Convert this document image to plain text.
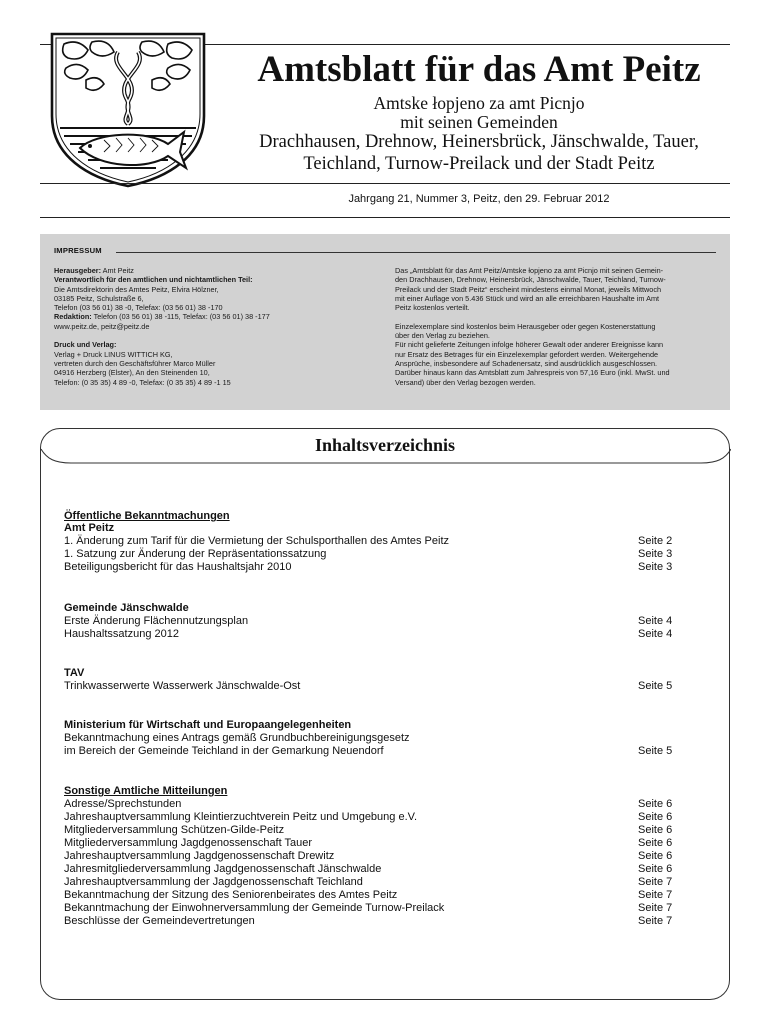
Amtsblatt für das Amt Peitz
Amtske łopjeno za amt Picnjo
mit seinen Gemeinden
Drachhausen, Drehnow, Heinersbrück, Jänschwalde, Tauer,
Teichland, Turnow-Preilack und der Stadt Peitz
Jahrgang 21, Nummer 3, Peitz, den 29. Februar 2012
IMPRESSUM

Herausgeber: Amt Peitz

Verantwortlich für den amtlichen und nichtamtlichen Teil:

Die Amtsdirektorin des Amtes Peitz, Elvira Hölzner,

03185 Peitz, Schulstraße 6,

Telefon (03 56 01) 38 -0, Telefax: (03 56 01) 38 -170

Redaktion: Telefon (03 56 01) 38 -115, Telefax: (03 56 01) 38 -177

www.peitz.de, peitz@peitz.de

Druck und Verlag:

Verlag + Druck LINUS WITTICH KG,

vertreten durch den Geschäftsführer Marco Müller

04916 Herzberg (Elster), An den Steinenden 10,

Telefon: (0 35 35) 4 89 -0, Telefax: (0 35 35) 4 89 -1 15

Das „Amtsblatt für das Amt Peitz/Amtske łopjeno za amt Picnjo mit seinen Gemein-

den Drachhausen, Drehnow, Heinersbrück, Jänschwalde, Tauer, Teichland, Turnow-

Preilack und der Stadt Peitz“ erscheint mindestens einmal Monat, jeweils Mittwoch

mit einer Auflage von 5.436 Stück und wird an alle erreichbaren Haushalte im Amt

Peitz kostenlos verteilt.

Einzelexemplare sind kostenlos beim Herausgeber oder gegen Kostenerstattung

über den Verlag zu beziehen.

Für nicht gelieferte Zeitungen infolge höherer Gewalt oder anderer Ereignisse kann

nur Ersatz des Betrages für ein Einzelexemplar gefordert werden. Weitergehende

Ansprüche, insbesondere auf Schadenersatz, sind ausdrücklich ausgeschlossen.

Darüber hinaus kann das Amtsblatt zum Jahrespreis von 57,16 Euro (inkl. MwSt. und

Versand) über den Verlag bezogen werden.

Inhaltsverzeichnis
Öffentliche Bekanntmachungen
Amt Peitz
1. Änderung zum Tarif für die Vermietung der Schulsporthallen des Amtes Peitz	Seite 2
1. Satzung zur Änderung der Repräsentationssatzung	Seite 3
Beteiligungsbericht für das Haushaltsjahr 2010	Seite 3
Gemeinde Jänschwalde
Erste Änderung Flächennutzungsplan	Seite 4
Haushaltssatzung 2012	Seite 4
TAV
Trinkwasserwerte Wasserwerk Jänschwalde-Ost	Seite 5
Ministerium für Wirtschaft und Europaangelegenheiten
Bekanntmachung eines Antrags gemäß Grundbuchbereinigungsgesetz
im Bereich der Gemeinde Teichland in der Gemarkung Neuendorf	Seite 5
Sonstige Amtliche Mitteilungen
Adresse/Sprechstunden	Seite 6
Jahreshauptversammlung Kleintierzuchtverein Peitz und Umgebung e.V.	Seite 6
Mitgliederversammlung Schützen-Gilde-Peitz	Seite 6
Mitgliederversammlung Jagdgenossenschaft Tauer	Seite 6
Jahreshauptversammlung Jagdgenossenschaft Drewitz	Seite 6
Jahresmitgliederversammlung Jagdgenossenschaft Jänschwalde	Seite 6
Jahreshauptversammlung der Jagdgenossenschaft Teichland	Seite 7
Bekanntmachung der Sitzung des Seniorenbeirates des Amtes Peitz	Seite 7
Bekanntmachung der Einwohnerversammlung der Gemeinde Turnow-Preilack	Seite 7
Beschlüsse der Gemeindevertretungen	Seite 7
